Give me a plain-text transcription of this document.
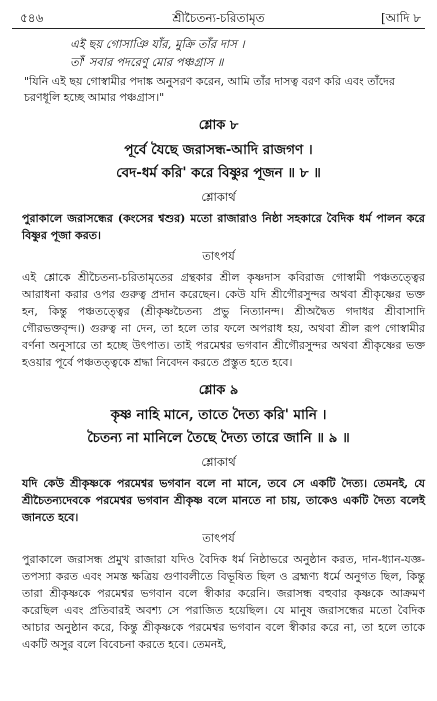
৫৪৬	শ্রীচৈতন্য-চরিতামৃত	[আদি ৮
এই ছয় গোসাঞি যাঁর, মুক্রি তাঁর দাস ।
তাঁ' সবার পদরেণু মোর পঞ্চগ্রাস ॥
"যিনি এই ছয় গোস্বামীর পদাঙ্ক অনুসরণ করেন, আমি তাঁর দাসত্ব বরণ করি এবং তাঁদের চরণধূলি হচ্ছে আমার পঞ্চগ্রাস।"
শ্লোক ৮
পূর্বে যৈছে জরাসন্ধ-আদি রাজগণ ।
বেদ-ধর্ম করি' করে বিষ্ণুর পূজন ॥ ৮ ॥
শ্লোকার্থ
পুরাকালে জরাসন্ধের (কংসের শ্বশুর) মতো রাজারাও নিষ্ঠা সহকারে বৈদিক ধর্ম পালন করে বিষ্ণুর পূজা করত।
তাৎপর্য
এই শ্লোকে শ্রীচৈতন্য-চরিতামৃতের গ্রন্থকার শ্রীল কৃষ্ণদাস কবিরাজ গোস্বামী পঞ্চতত্ত্বের আরাধনা করার ওপর গুরুত্ব প্রদান করেছেন। কেউ যদি শ্রীগৌরসুন্দর অথবা শ্রীকৃষ্ণের ভক্ত হন, কিন্তু পঞ্চতত্ত্বের (শ্রীকৃষ্ণচৈতন্য প্রভু নিত্যানন্দ। শ্রীঅদ্বৈত গদাধর শ্রীবাসাদি গৌরভক্তবৃন্দ।) গুরুত্ব না দেন, তা হলে তার ফলে অপরাধ হয়, অথবা শ্রীল রূপ গোস্বামীর বর্ণনা অনুসারে তা হচ্ছে উৎপাত। তাই পরমেশ্বর ভগবান শ্রীগৌরসুন্দর অথবা শ্রীকৃষ্ণের ভক্ত হওয়ার পূর্বে পঞ্চতত্ত্বকে শ্রদ্ধা নিবেদন করতে প্রস্তুত হতে হবে।
শ্লোক ৯
কৃষ্ণ নাহি মানে, তাতে দৈত্য করি' মানি ।
চৈতন্য না মানিলে তৈছে দৈত্য তারে জানি ॥ ৯ ॥
শ্লোকার্থ
যদি কেউ শ্রীকৃষ্ণকে পরমেশ্বর ভগবান বলে না মানে, তবে সে একটি দৈত্য। তেমনই, যে শ্রীচৈতন্যদেবকে পরমেশ্বর ভগবান শ্রীকৃষ্ণ বলে মানতে না চায়, তাকেও একটি দৈত্য বলেই জানতে হবে।
তাৎপর্য
পুরাকালে জরাসন্ধ প্রমুখ রাজারা যদিও বৈদিক ধর্ম নিষ্ঠাভরে অনুষ্ঠান করত, দান-ধ্যান-যজ্ঞ-তপস্যা করত এবং সমস্ত ক্ষত্রিয় গুণাবলীতে বিভূষিত ছিল ও ব্রহ্মণ্য ধর্মে অনুগত ছিল, কিন্তু তারা শ্রীকৃষ্ণকে পরমেশ্বর ভগবান বলে স্বীকার করেনি। জরাসন্ধ বহুবার কৃষ্ণকে আক্রমণ করেছিল এবং প্রতিবারই অবশ্য সে পরাজিত হয়েছিল। যে মানুষ জরাসন্ধের মতো বৈদিক আচার অনুষ্ঠান করে, কিন্তু শ্রীকৃষ্ণকে পরমেশ্বর ভগবান বলে স্বীকার করে না, তা হলে তাকে একটি অসুর বলে বিবেচনা করতে হবে। তেমনই,
